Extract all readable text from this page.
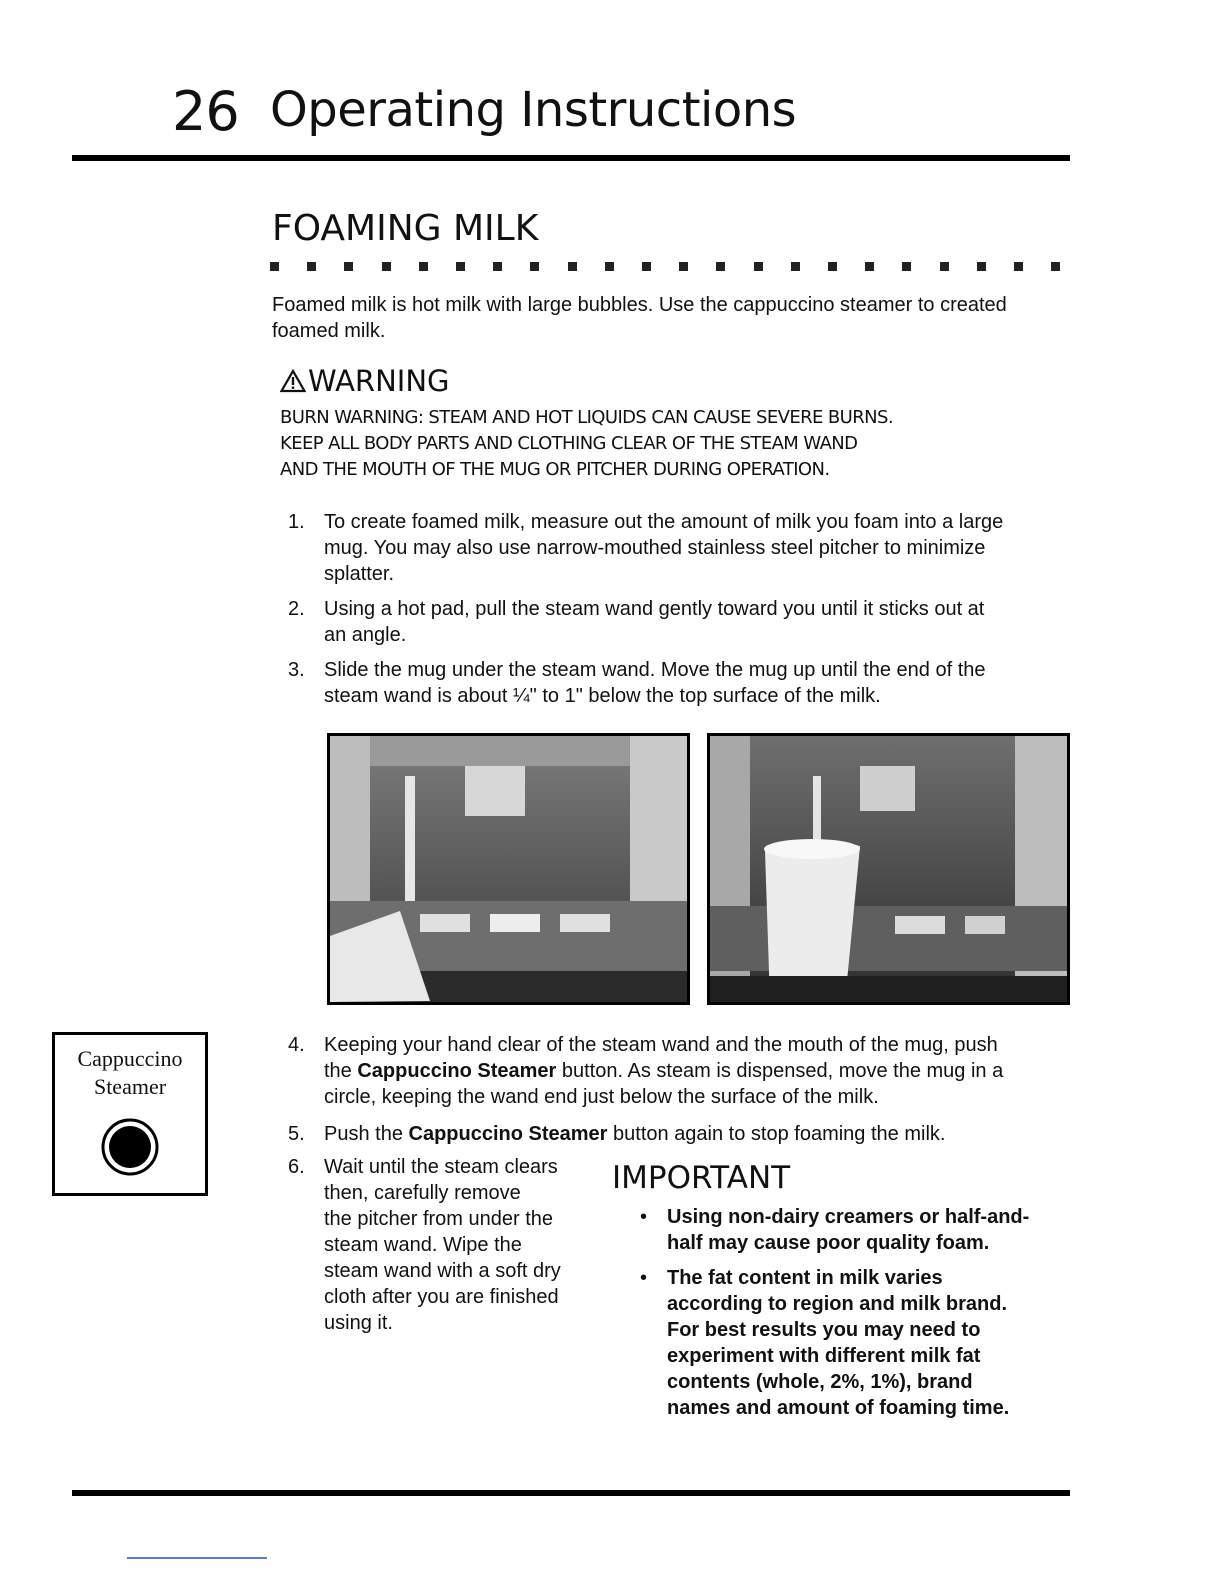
26 Operating Instructions
FOAMING MILK
Foamed milk is hot milk with large bubbles. Use the cappuccino steamer to created foamed milk.
WARNING
BURN WARNING: STEAM AND HOT LIQUIDS CAN CAUSE SEVERE BURNS.
KEEP ALL BODY PARTS AND CLOTHING CLEAR OF THE STEAM WAND
AND THE MOUTH OF THE MUG OR PITCHER DURING OPERATION.
1. To create foamed milk, measure out the amount of milk you foam into a large
mug. You may also use narrow-mouthed stainless steel pitcher to minimize
splatter.
2. Using a hot pad, pull the steam wand gently toward you until it sticks out at
an angle.
3. Slide the mug under the steam wand. Move the mug up until the end of the
steam wand is about ¼" to 1" below the top surface of the milk.
4. Keeping your hand clear of the steam wand and the mouth of the mug, push
the Cappuccino Steamer button. As steam is dispensed, move the mug in a
circle, keeping the wand end just below the surface of the milk.
5. Push the Cappuccino Steamer button again to stop foaming the milk.
6. Wait until the steam clears
then, carefully remove
the pitcher from under the
steam wand. Wipe the
steam wand with a soft dry
cloth after you are finished
using it.
Cappuccino
Steamer
IMPORTANT
• Using non-dairy creamers or half-and-
half may cause poor quality foam.
• The fat content in milk varies
according to region and milk brand.
For best results you may need to
experiment with different milk fat
contents (whole, 2%, 1%), brand
names and amount of foaming time.
